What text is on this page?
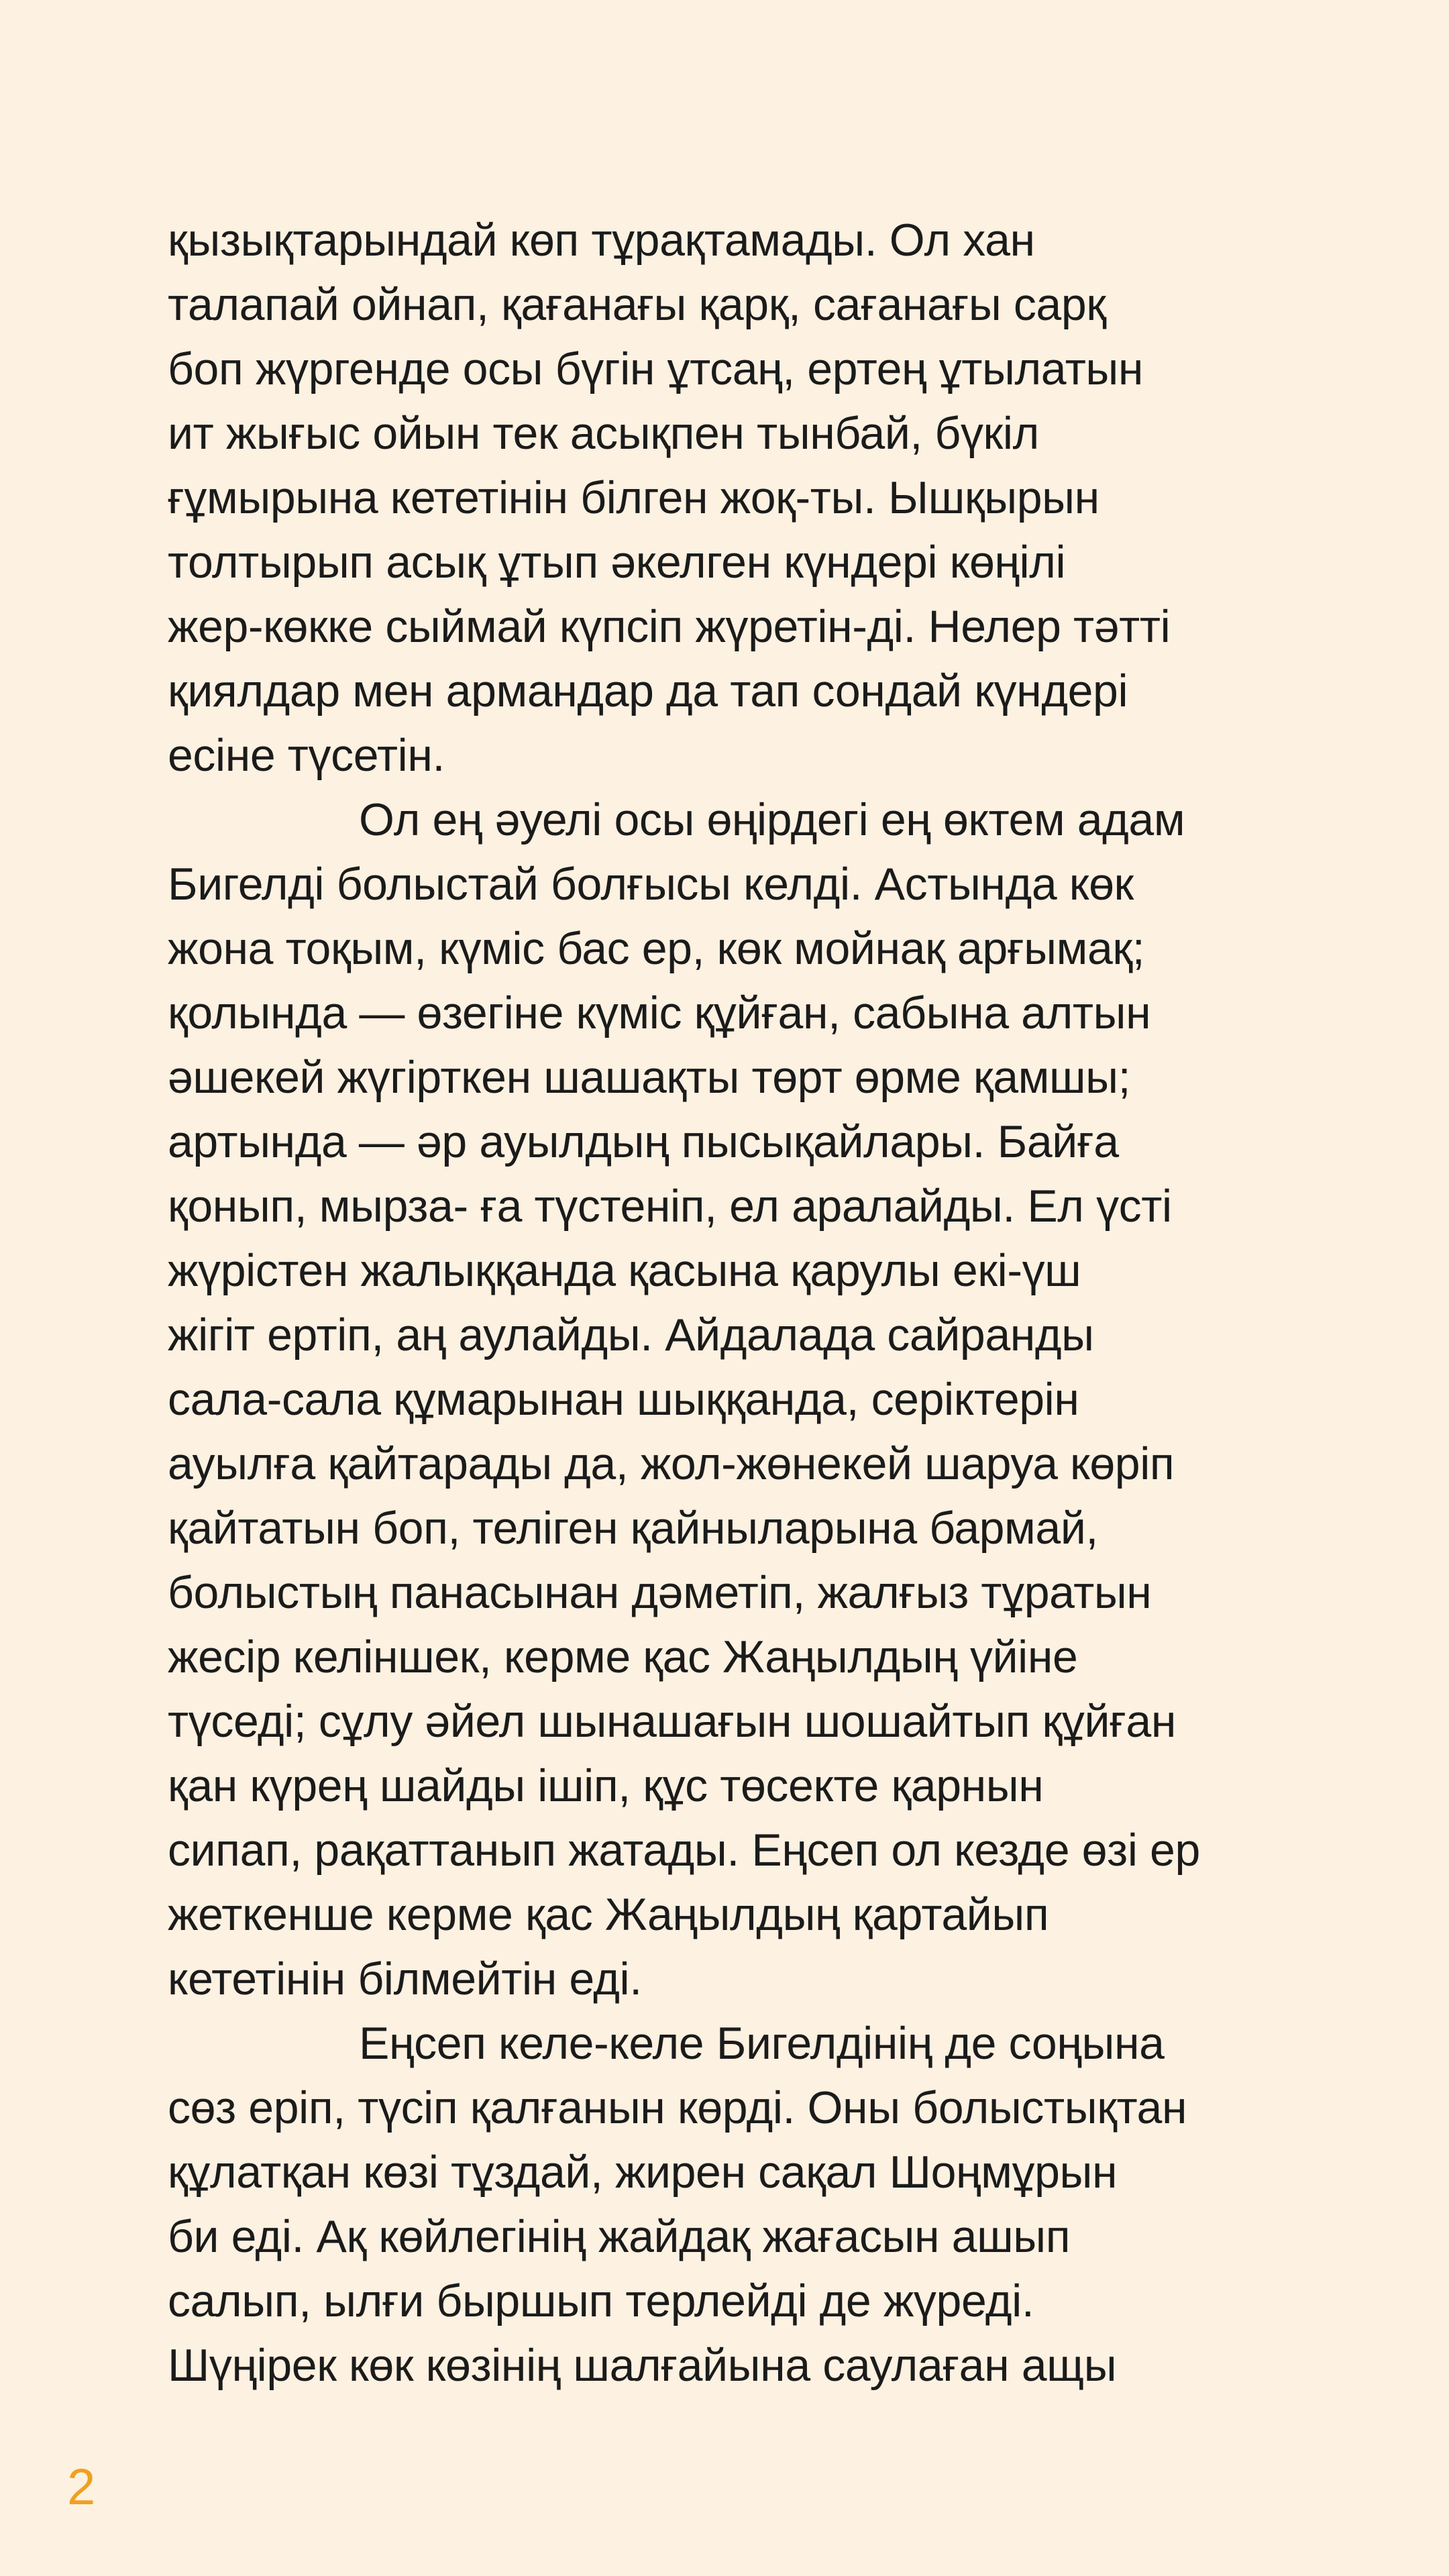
қызықтарындай көп тұрақтамады. Ол хан
талапай ойнап, қағанағы қарқ, сағанағы сарқ
боп жүргенде осы бүгін ұтсаң, ертең ұтылатын
ит жығыс ойын тек асықпен тынбай, бүкіл
ғұмырына кететінін білген жоқ-ты. Ышқырын
толтырып асық ұтып әкелген күндері көңілі
жер-көкке сыймай күпсіп жүретін-ді. Нелер тәтті
қиялдар мен армандар да тап сондай күндері
есіне түсетін.
Ол ең әуелі осы өңірдегі ең өктем адам
Бигелді болыстай болғысы келді. Астында көк
жона тоқым, күміс бас ер, көк мойнақ арғымақ;
қолында — өзегіне күміс құйған, сабына алтын
әшекей жүгірткен шашақты төрт өрме қамшы;
артында — әр ауылдың пысықайлары. Байға
қонып, мырза- ға түстеніп, ел аралайды. Ел үсті
жүрістен жалыққанда қасына қарулы екі-үш
жігіт ертіп, аң аулайды. Айдалада сайранды
сала-сала құмарынан шыққанда, серіктерін
ауылға қайтарады да, жол-жөнекей шаруа көріп
қайтатын боп, теліген қайныларына бармай,
болыстың панасынан дәметіп, жалғыз тұратын
жесір келіншек, керме қас Жаңылдың үйіне
түседі; сұлу әйел шынашағын шошайтып құйған
қан күрең шайды ішіп, құс төсекте қарнын
сипап, рақаттанып жатады. Еңсеп ол кезде өзі ер
жеткенше керме қас Жаңылдың қартайып
кететінін білмейтін еді.
Еңсеп келе-келе Бигелдінің де соңына
сөз еріп, түсіп қалғанын көрді. Оны болыстықтан
құлатқан көзі тұздай, жирен сақал Шоңмұрын
би еді. Ақ көйлегінің жайдақ жағасын ашып
салып, ылғи быршып терлейді де жүреді.
Шүңірек көк көзінің шалғайына саулаған ащы
2
